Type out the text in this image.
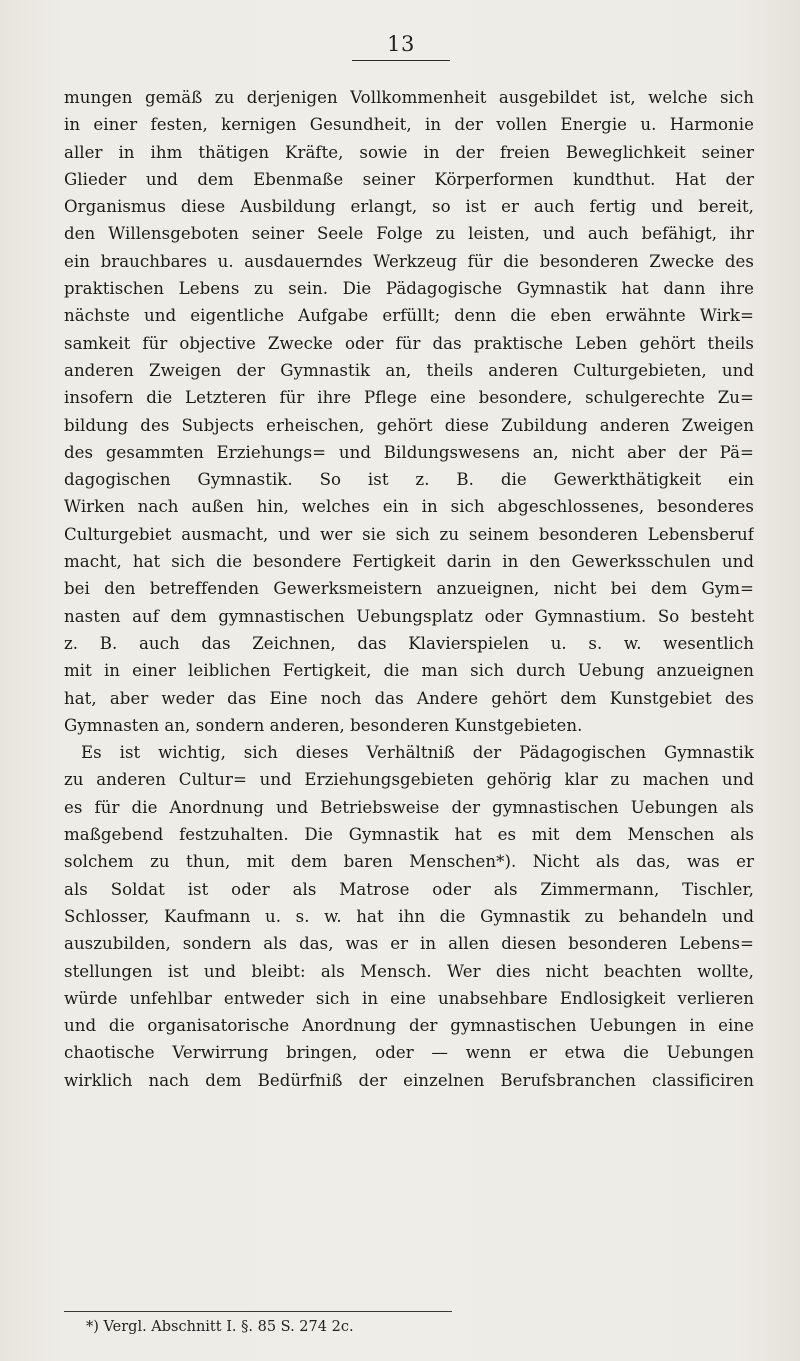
13
mungen gemäß zu derjenigen Vollkommenheit ausgebildet ist, welche sich
in einer festen, kernigen Gesundheit, in der vollen Energie u. Harmonie
aller in ihm thätigen Kräfte, sowie in der freien Beweglichkeit seiner
Glieder und dem Ebenmaße seiner Körperformen kundthut. Hat der
Organismus diese Ausbildung erlangt, so ist er auch fertig und bereit,
den Willensgeboten seiner Seele Folge zu leisten, und auch befähigt, ihr
ein brauchbares u. ausdauerndes Werkzeug für die besonderen Zwecke des
praktischen Lebens zu sein. Die Pädagogische Gymnastik hat dann ihre
nächste und eigentliche Aufgabe erfüllt; denn die eben erwähnte Wirk=
samkeit für objective Zwecke oder für das praktische Leben gehört theils
anderen Zweigen der Gymnastik an, theils anderen Culturgebieten, und
insofern die Letzteren für ihre Pflege eine besondere, schulgerechte Zu=
bildung des Subjects erheischen, gehört diese Zubildung anderen Zweigen
des gesammten Erziehungs= und Bildungswesens an, nicht aber der Pä=
dagogischen Gymnastik. So ist z. B. die Gewerkthätigkeit ein
Wirken nach außen hin, welches ein in sich abgeschlossenes, besonderes
Culturgebiet ausmacht, und wer sie sich zu seinem besonderen Lebensberuf
macht, hat sich die besondere Fertigkeit darin in den Gewerksschulen und
bei den betreffenden Gewerksmeistern anzueignen, nicht bei dem Gym=
nasten auf dem gymnastischen Uebungsplatz oder Gymnastium. So besteht
z. B. auch das Zeichnen, das Klavierspielen u. s. w. wesentlich
mit in einer leiblichen Fertigkeit, die man sich durch Uebung anzueignen
hat, aber weder das Eine noch das Andere gehört dem Kunstgebiet des
Gymnasten an, sondern anderen, besonderen Kunstgebieten.
Es ist wichtig, sich dieses Verhältniß der Pädagogischen Gymnastik
zu anderen Cultur= und Erziehungsgebieten gehörig klar zu machen und
es für die Anordnung und Betriebsweise der gymnastischen Uebungen als
maßgebend festzuhalten. Die Gymnastik hat es mit dem Menschen als
solchem zu thun, mit dem baren Menschen*). Nicht als das, was er
als Soldat ist oder als Matrose oder als Zimmermann, Tischler,
Schlosser, Kaufmann u. s. w. hat ihn die Gymnastik zu behandeln und
auszubilden, sondern als das, was er in allen diesen besonderen Lebens=
stellungen ist und bleibt: als Mensch. Wer dies nicht beachten wollte,
würde unfehlbar entweder sich in eine unabsehbare Endlosigkeit verlieren
und die organisatorische Anordnung der gymnastischen Uebungen in eine
chaotische Verwirrung bringen, oder — wenn er etwa die Uebungen
wirklich nach dem Bedürfniß der einzelnen Berufsbranchen classificiren
*) Vergl. Abschnitt I. §. 85 S. 274 2c.
